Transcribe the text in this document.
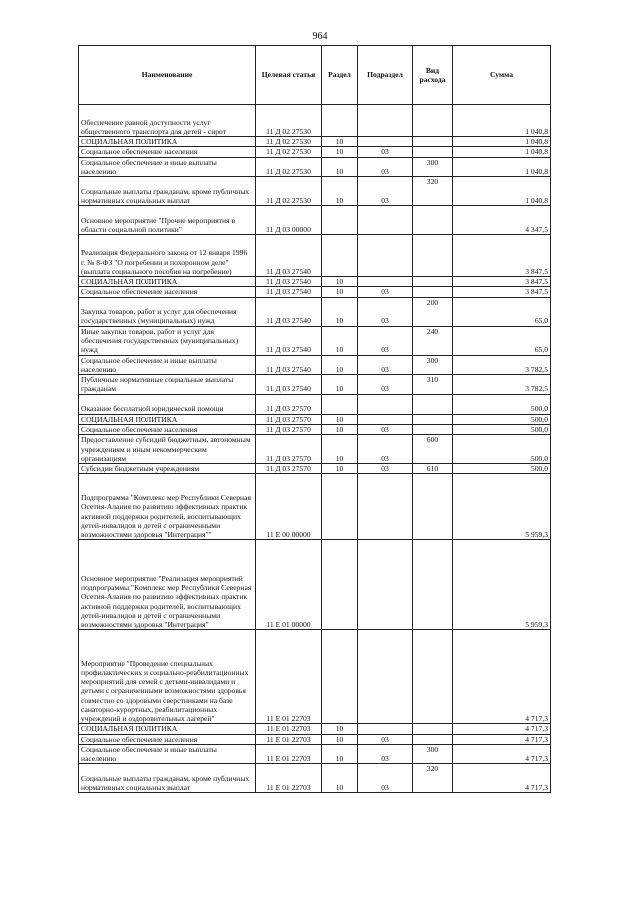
964
Наименование	Целевая статья	Раздел	Подраздел	Вид расхода	Сумма
Обеспечение равной доступности услуг общественного транспорта для детей - сирот	11 Д 02 27530				1 040,8
СОЦИАЛЬНАЯ ПОЛИТИКА	11 Д 02 27530	10			1 040,8
Социальное обеспечение населения	11 Д 02 27530	10	03		1 040,8
Социальное обеспечение и иные выплаты населению	11 Д 02 27530	10	03	300	1 040,8
Социальные выплаты гражданам, кроме публичных нормативных социальных выплат	11 Д 02 27530	10	03	320	1 040,8
Основное мероприятие "Прочие мероприятия в области социальной политики"	11 Д 03 00000				4 347,5
Реализация Федерального закона от 12 января 1996 г. № 8-ФЗ "О погребении и похоронном деле" (выплата социального пособия на погребение)	11 Д 03 27540				3 847,5
СОЦИАЛЬНАЯ ПОЛИТИКА	11 Д 03 27540	10			3 847,5
Социальное обеспечение населения	11 Д 03 27540	10	03		3 847,5
Закупка товаров, работ и услуг для обеспечения государственных (муниципальных) нужд	11 Д 03 27540	10	03	200	65,0
Иные закупки товаров, работ и услуг для обеспечения государственных (муниципальных) нужд	11 Д 03 27540	10	03	240	65,0
Социальное обеспечение и иные выплаты населению	11 Д 03 27540	10	03	300	3 782,5
Публичные нормативные социальные выплаты гражданам	11 Д 03 27540	10	03	310	3 782,5
Оказание бесплатной юридической помощи	11 Д 03 27570				500,0
СОЦИАЛЬНАЯ ПОЛИТИКА	11 Д 03 27570	10			500,0
Социальное обеспечение населения	11 Д 03 27570	10	03		500,0
Предоставление субсидий бюджетным, автономным учреждениям и иным некоммерческим организациям	11 Д 03 27570	10	03	600	500,0
Субсидии бюджетным учреждениям	11 Д 03 27570	10	03	610	500,0
Подпрограмма "Комплекс мер Республики Северная Осетия-Алания по развитию эффективных практик активной поддержки родителей, воспитывающих детей-инвалидов и детей с ограниченными возможностями здоровья "Интеграция""	11 Е 00 00000				5 959,3
Основное мероприятие "Реализация мероприятий подпрограммы "Комплекс мер Республики Северная Осетия-Алания по развитию эффективных практик активной поддержки родителей, воспитывающих детей-инвалидов и детей с ограниченными возможностями здоровья "Интеграция"	11 Е 01 00000				5 959,3
Мероприятие "Проведение специальных профилактических и социально-реабилитационных мероприятий для семей с детьми-инвалидами и детьми с ограниченными возможностями здоровья совместно со здоровыми сверстниками на базе санаторно-курортных, реабилитационных учреждений и оздоровительных лагерей"	11 Е 01 22703				4 717,3
СОЦИАЛЬНАЯ ПОЛИТИКА	11 Е 01 22703	10			4 717,3
Социальное обеспечение населения	11 Е 01 22703	10	03		4 717,3
Социальное обеспечение и иные выплаты населению	11 Е 01 22703	10	03	300	4 717,3
Социальные выплаты гражданам, кроме публичных нормативных социальных выплат	11 Е 01 22703	10	03	320	4 717,3
